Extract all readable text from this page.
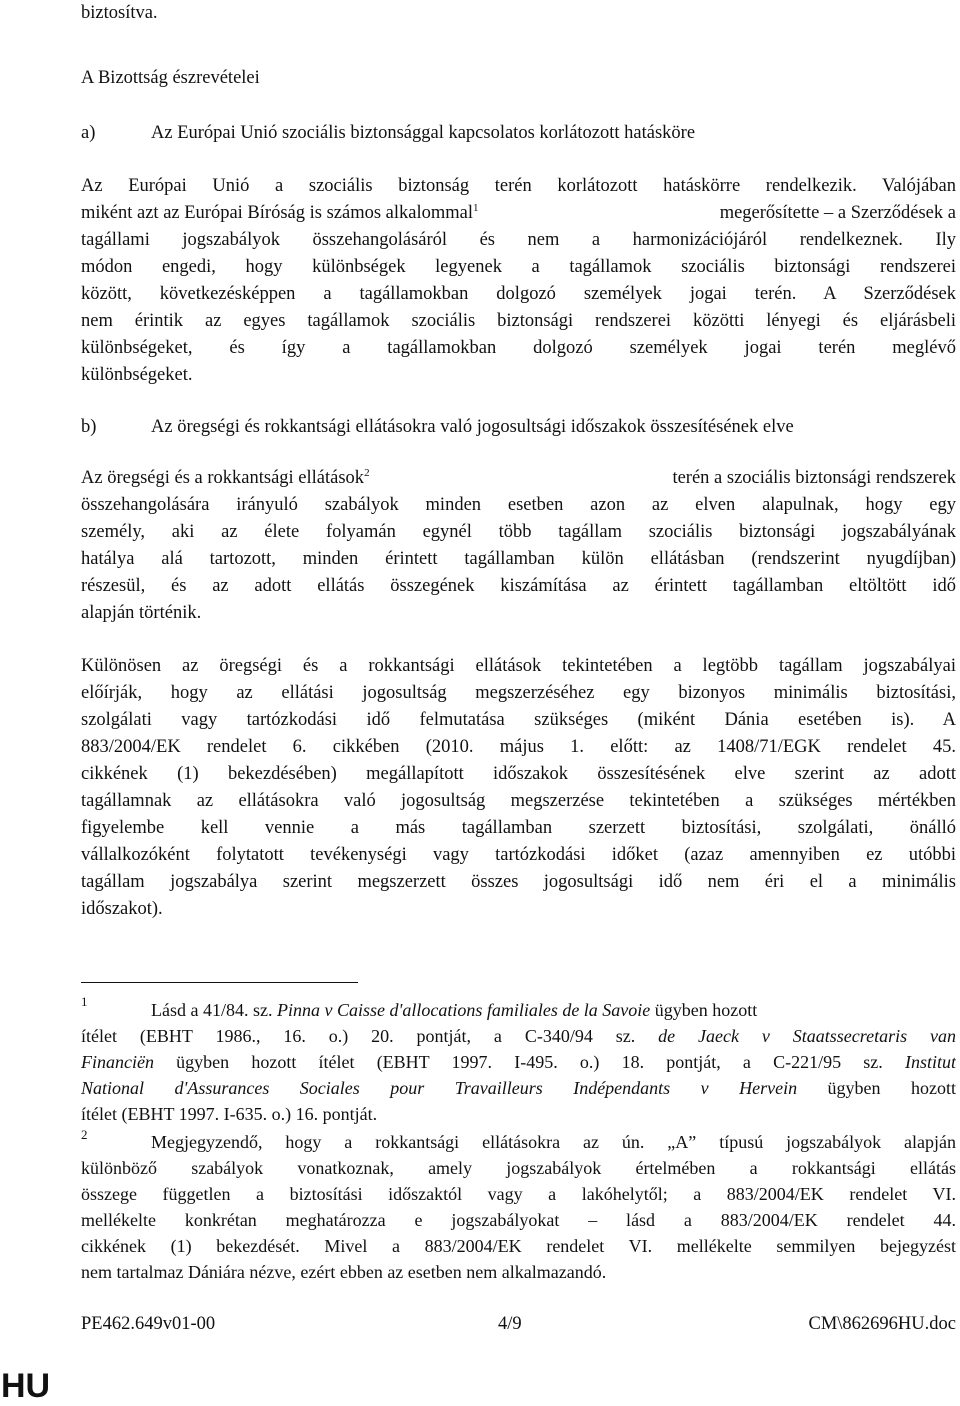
biztosítva.
A Bizottság észrevételei
a)	Az Európai Unió szociális biztonsággal kapcsolatos korlátozott hatásköre
Az Európai Unió a szociális biztonság terén korlátozott hatáskörre rendelkezik. Valójában
miként azt az Európai Bíróság is számos alkalommal$^1$	megerősítette – a Szerződések a
tagállami jogszabályok összehangolásáról és nem a harmonizációjáról rendelkeznek. Ily
módon engedi, hogy különbségek legyenek a tagállamok szociális biztonsági rendszerei
között, következésképpen a tagállamokban dolgozó személyek jogai terén. A Szerződések
nem érintik az egyes tagállamok szociális biztonsági rendszerei közötti lényegi és eljárásbeli
különbségeket, és így a tagállamokban dolgozó személyek jogai terén meglévő
különbségeket.
b)	Az öregségi és rokkantsági ellátásokra való jogosultsági időszakok összesítésének elve
Az öregségi és a rokkantsági ellátások$^2$	terén a szociális biztonsági rendszerek
összehangolására irányuló szabályok minden esetben azon az elven alapulnak, hogy egy
személy, aki az élete folyamán egynél több tagállam szociális biztonsági jogszabályának
hatálya alá tartozott, minden érintett tagállamban külön ellátásban (rendszerint nyugdíjban)
részesül, és az adott ellátás összegének kiszámítása az érintett tagállamban eltöltött idő
alapján történik.
Különösen az öregségi és a rokkantsági ellátások tekintetében a legtöbb tagállam jogszabályai
előírják, hogy az ellátási jogosultság megszerzéséhez egy bizonyos minimális biztosítási,
szolgálati vagy tartózkodási idő felmutatása szükséges (miként Dánia esetében is). A
883/2004/EK rendelet 6. cikkében (2010. május 1. előtt: az 1408/71/EGK rendelet 45.
cikkének (1) bekezdésében) megállapított időszakok összesítésének elve szerint az adott
tagállamnak az ellátásokra való jogosultság megszerzése tekintetében a szükséges mértékben
figyelembe kell vennie a más tagállamban szerzett biztosítási, szolgálati, önálló
vállalkozóként folytatott tevékenységi vagy tartózkodási időket (azaz amennyiben ez utóbbi
tagállam jogszabálya szerint megszerzett összes jogosultsági idő nem éri el a minimális
időszakot).
1	Lásd a 41/84. sz. Pinna v Caisse d'allocations familiales de la Savoie ügyben hozott
ítélet (EBHT 1986., 16. o.) 20. pontját, a C-340/94 sz. de Jaeck v Staatssecretaris van
Financiën ügyben hozott ítélet (EBHT 1997. I-495. o.) 18. pontját, a C-221/95 sz. Institut
National d'Assurances Sociales pour Travailleurs Indépendants v Hervein ügyben hozott
ítélet (EBHT 1997. I-635. o.) 16. pontját.
2	Megjegyzendő, hogy a rokkantsági ellátásokra az ún. „A” típusú jogszabályok alapján
különböző szabályok vonatkoznak, amely jogszabályok értelmében a rokkantsági ellátás
összege független a biztosítási időszaktól vagy a lakóhelytől; a 883/2004/EK rendelet VI.
mellékelte konkrétan meghatározza e jogszabályokat – lásd a 883/2004/EK rendelet 44.
cikkének (1) bekezdését. Mivel a 883/2004/EK rendelet VI. mellékelte semmilyen bejegyzést
nem tartalmaz Dániára nézve, ezért ebben az esetben nem alkalmazandó.
PE462.649v01-00	4/9	CM\862696HU.doc
HU
